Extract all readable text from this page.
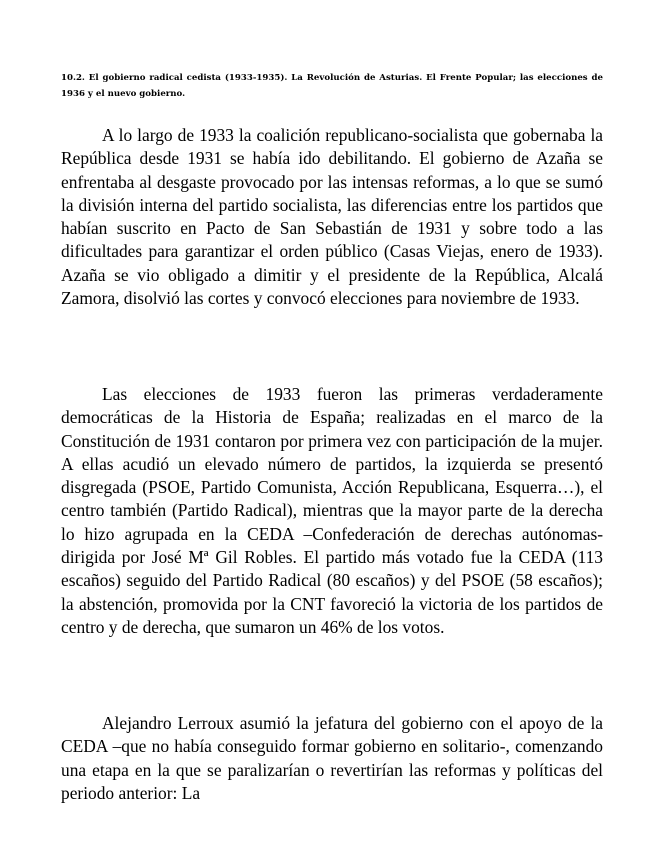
10.2. El gobierno radical cedista (1933-1935). La Revolución de Asturias. El Frente Popular; las elecciones de 1936 y el nuevo gobierno.

A lo largo de 1933 la coalición republicano-socialista que gobernaba la República desde 1931 se había ido debilitando. El gobierno de Azaña se enfrentaba al desgaste provocado por las intensas reformas, a lo que se sumó la división interna del partido socialista, las diferencias entre los partidos que habían suscrito en Pacto de San Sebastián de 1931 y sobre todo a las dificultades para garantizar el orden público (Casas Viejas, enero de 1933). Azaña se vio obligado a dimitir y el presidente de la República, Alcalá Zamora, disolvió las cortes y convocó elecciones para noviembre de 1933.

Las elecciones de 1933 fueron las primeras verdaderamente democráticas de la Historia de España; realizadas en el marco de la Constitución de 1931 contaron por primera vez con participación de la mujer. A ellas acudió un elevado número de partidos, la izquierda se presentó disgregada (PSOE, Partido Comunista, Acción Republicana, Esquerra…), el centro también (Partido Radical), mientras que la mayor parte de la derecha lo hizo agrupada en la CEDA –Confederación de derechas autónomas- dirigida por José Mª Gil Robles. El partido más votado fue la CEDA (113 escaños) seguido del Partido Radical (80 escaños) y del PSOE (58 escaños); la abstención, promovida por la CNT favoreció la victoria de los partidos de centro y de derecha, que sumaron un 46% de los votos.

Alejandro Lerroux asumió la jefatura del gobierno con el apoyo de la CEDA –que no había conseguido formar gobierno en solitario-, comenzando una etapa en la que se paralizarían o revertirían las reformas y políticas del periodo anterior: La
